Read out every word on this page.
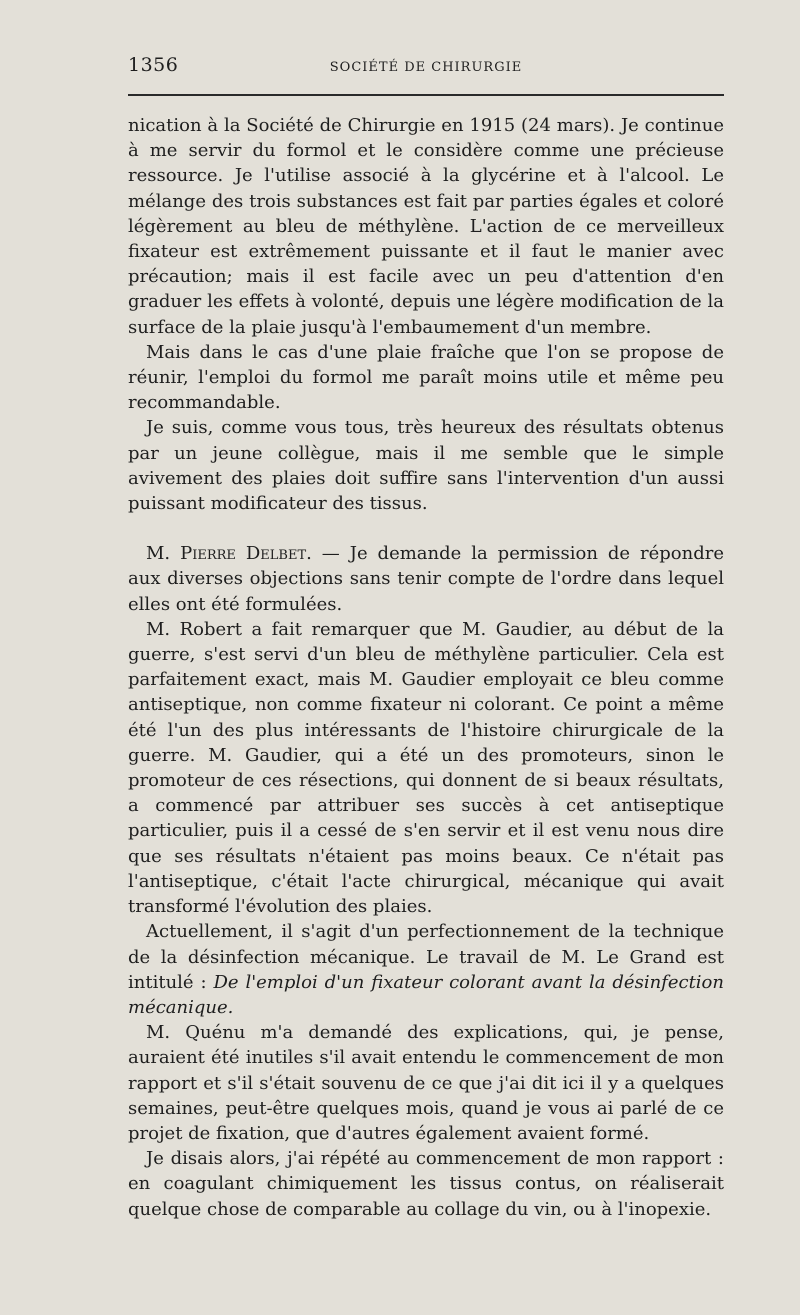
1356	SOCIÉTÉ DE CHIRURGIE

nication à la Société de Chirurgie en 1915 (24 mars). Je continue à me servir du formol et le considère comme une précieuse ressource. Je l'utilise associé à la glycérine et à l'alcool. Le mélange des trois substances est fait par parties égales et coloré légèrement au bleu de méthylène. L'action de ce merveilleux fixateur est extrêmement puissante et il faut le manier avec précaution; mais il est facile avec un peu d'attention d'en graduer les effets à volonté, depuis une légère modification de la surface de la plaie jusqu'à l'embaumement d'un membre.

Mais dans le cas d'une plaie fraîche que l'on se propose de réunir, l'emploi du formol me paraît moins utile et même peu recommandable.

Je suis, comme vous tous, très heureux des résultats obtenus par un jeune collègue, mais il me semble que le simple avivement des plaies doit suffire sans l'intervention d'un aussi puissant modificateur des tissus.

M. Pierre Delbet. — Je demande la permission de répondre aux diverses objections sans tenir compte de l'ordre dans lequel elles ont été formulées.

M. Robert a fait remarquer que M. Gaudier, au début de la guerre, s'est servi d'un bleu de méthylène particulier. Cela est parfaitement exact, mais M. Gaudier employait ce bleu comme antiseptique, non comme fixateur ni colorant. Ce point a même été l'un des plus intéressants de l'histoire chirurgicale de la guerre. M. Gaudier, qui a été un des promoteurs, sinon le promoteur de ces résections, qui donnent de si beaux résultats, a commencé par attribuer ses succès à cet antiseptique particulier, puis il a cessé de s'en servir et il est venu nous dire que ses résultats n'étaient pas moins beaux. Ce n'était pas l'antiseptique, c'était l'acte chirurgical, mécanique qui avait transformé l'évolution des plaies.

Actuellement, il s'agit d'un perfectionnement de la technique de la désinfection mécanique. Le travail de M. Le Grand est intitulé : De l'emploi d'un fixateur colorant avant la désinfection mécanique.

M. Quénu m'a demandé des explications, qui, je pense, auraient été inutiles s'il avait entendu le commencement de mon rapport et s'il s'était souvenu de ce que j'ai dit ici il y a quelques semaines, peut-être quelques mois, quand je vous ai parlé de ce projet de fixation, que d'autres également avaient formé.

Je disais alors, j'ai répété au commencement de mon rapport : en coagulant chimiquement les tissus contus, on réaliserait quelque chose de comparable au collage du vin, ou à l'inopexie.
